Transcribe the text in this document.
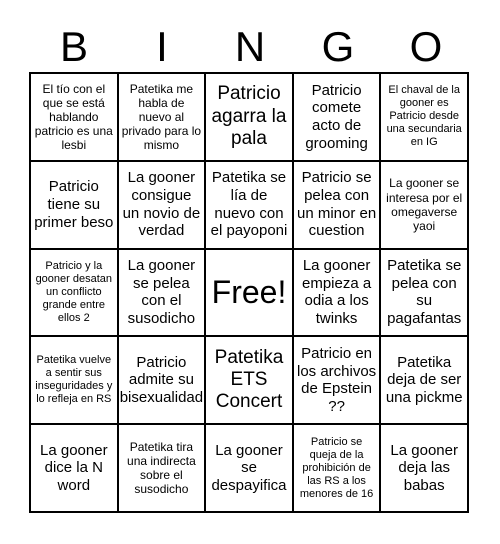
B	I	N	G	O
El tío con el que se está hablando patricio es una lesbi
Patetika me habla de nuevo al privado para lo mismo
Patricio agarra la pala
Patricio comete acto de grooming
El chaval de la gooner es Patricio desde una secundaria en IG
Patricio tiene su primer beso
La gooner consigue un novio de verdad
Patetika se lía de nuevo con el payoponi
Patricio se pelea con un minor en cuestion
La gooner se interesa por el omegaverse yaoi
Patricio y la gooner desatan un conflicto grande entre ellos 2
La gooner se pelea con el susodicho
Free!
La gooner empieza a odia a los twinks
Patetika se pelea con su pagafantas
Patetika vuelve a sentir sus inseguridades y lo refleja en RS
Patricio admite su bisexualidad
Patetika ETS Concert
Patricio en los archivos de Epstein ??
Patetika deja de ser una pickme
La gooner dice la N word
Patetika tira una indirecta sobre el susodicho
La gooner se despayifica
Patricio se queja de la prohibición de las RS a los menores de 16
La gooner deja las babas
